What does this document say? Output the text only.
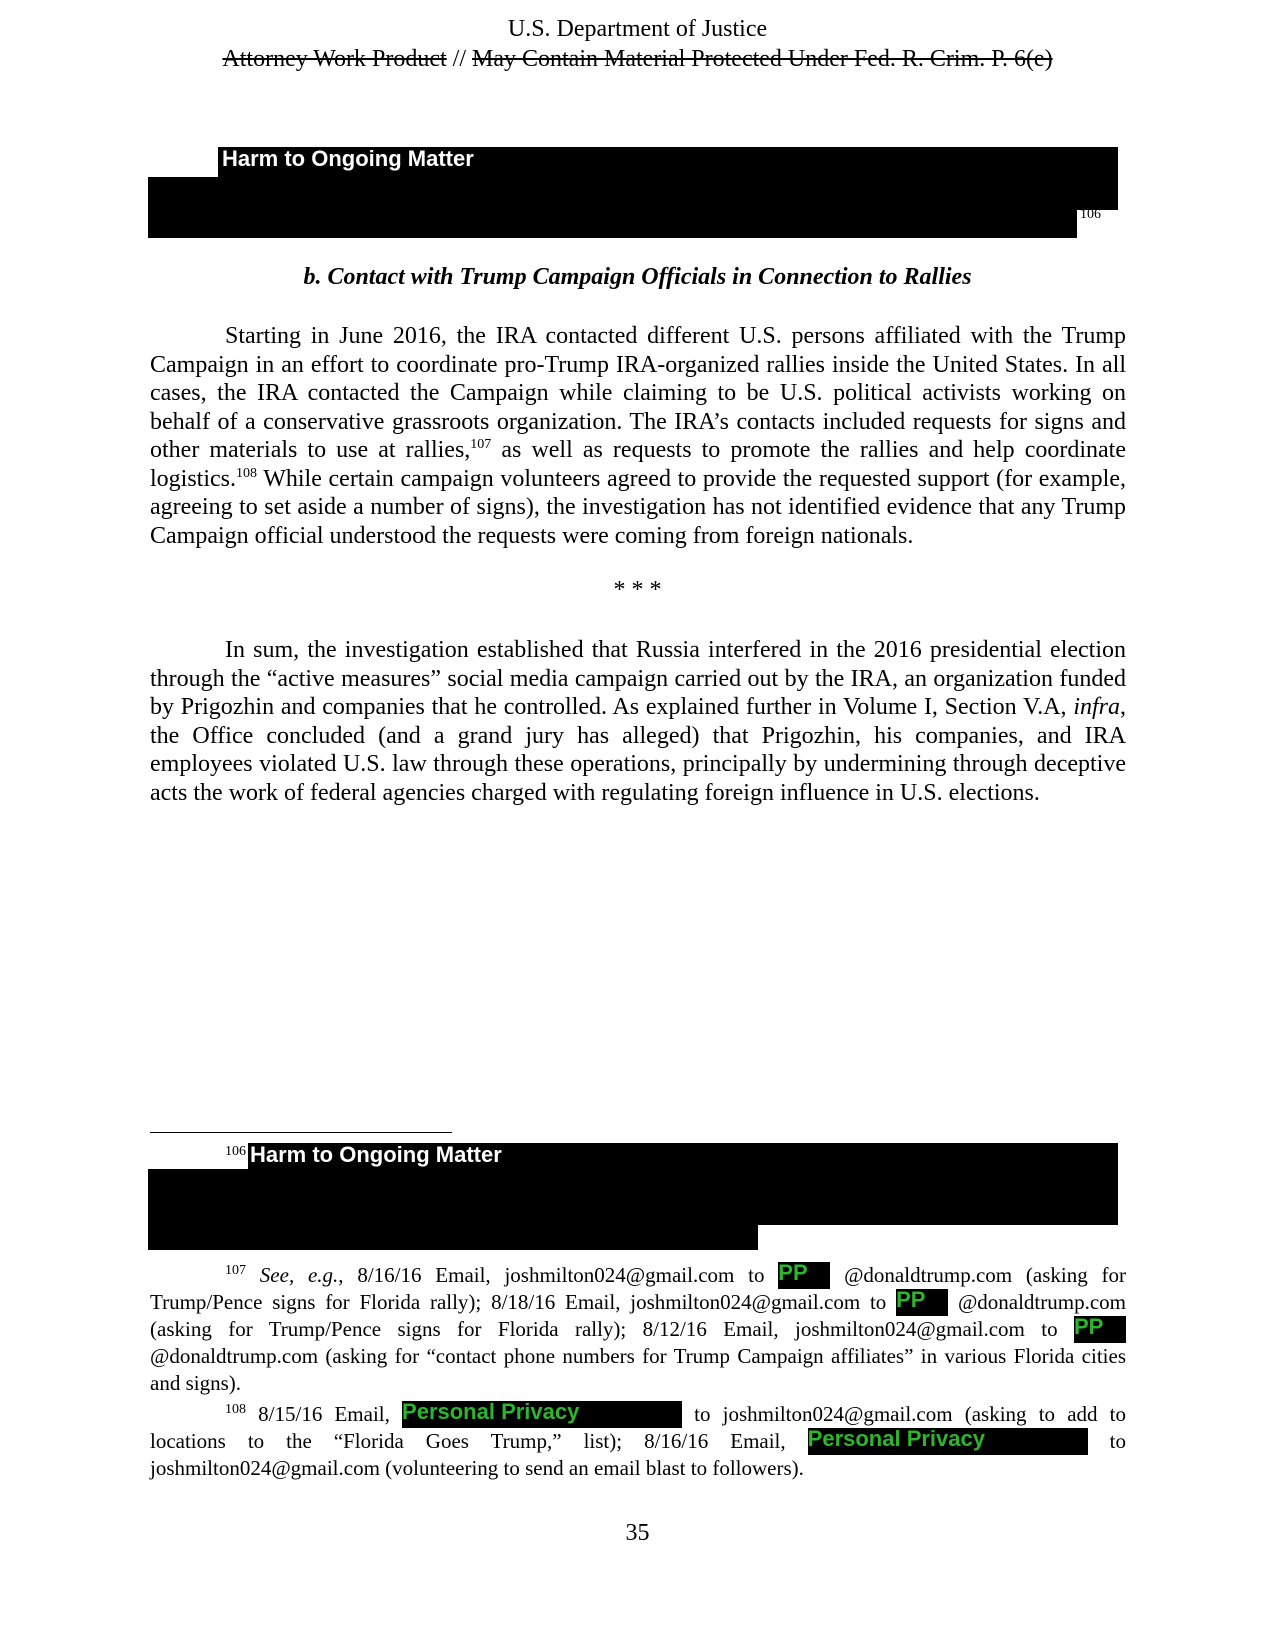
U.S. Department of Justice
Attorney Work Product // May Contain Material Protected Under Fed. R. Crim. P. 6(e)
Harm to Ongoing Matter
106
b. Contact with Trump Campaign Officials in Connection to Rallies

Starting in June 2016, the IRA contacted different U.S. persons affiliated with the Trump Campaign in an effort to coordinate pro-Trump IRA-organized rallies inside the United States. In all cases, the IRA contacted the Campaign while claiming to be U.S. political activists working on behalf of a conservative grassroots organization. The IRA’s contacts included requests for signs and other materials to use at rallies,$^{107}$ as well as requests to promote the rallies and help coordinate logistics.$^{108}$ While certain campaign volunteers agreed to provide the requested support (for example, agreeing to set aside a number of signs), the investigation has not identified evidence that any Trump Campaign official understood the requests were coming from foreign nationals.

* * *

In sum, the investigation established that Russia interfered in the 2016 presidential election through the “active measures” social media campaign carried out by the IRA, an organization funded by Prigozhin and companies that he controlled. As explained further in Volume I, Section V.A, infra, the Office concluded (and a grand jury has alleged) that Prigozhin, his companies, and IRA employees violated U.S. law through these operations, principally by undermining through deceptive acts the work of federal agencies charged with regulating foreign influence in U.S. elections.

106 Harm to Ongoing Matter

$^{107}$ See, e.g., 8/16/16 Email, joshmilton024@gmail.com to PP @donaldtrump.com (asking for Trump/Pence signs for Florida rally); 8/18/16 Email, joshmilton024@gmail.com to PP @donaldtrump.com (asking for Trump/Pence signs for Florida rally); 8/12/16 Email, joshmilton024@gmail.com to PP @donaldtrump.com (asking for “contact phone numbers for Trump Campaign affiliates” in various Florida cities and signs).

$^{108}$ 8/15/16 Email, Personal Privacy	to joshmilton024@gmail.com (asking to add to locations to the “Florida Goes Trump,” list); 8/16/16 Email, Personal Privacy	to joshmilton024@gmail.com (volunteering to send an email blast to followers).

35
